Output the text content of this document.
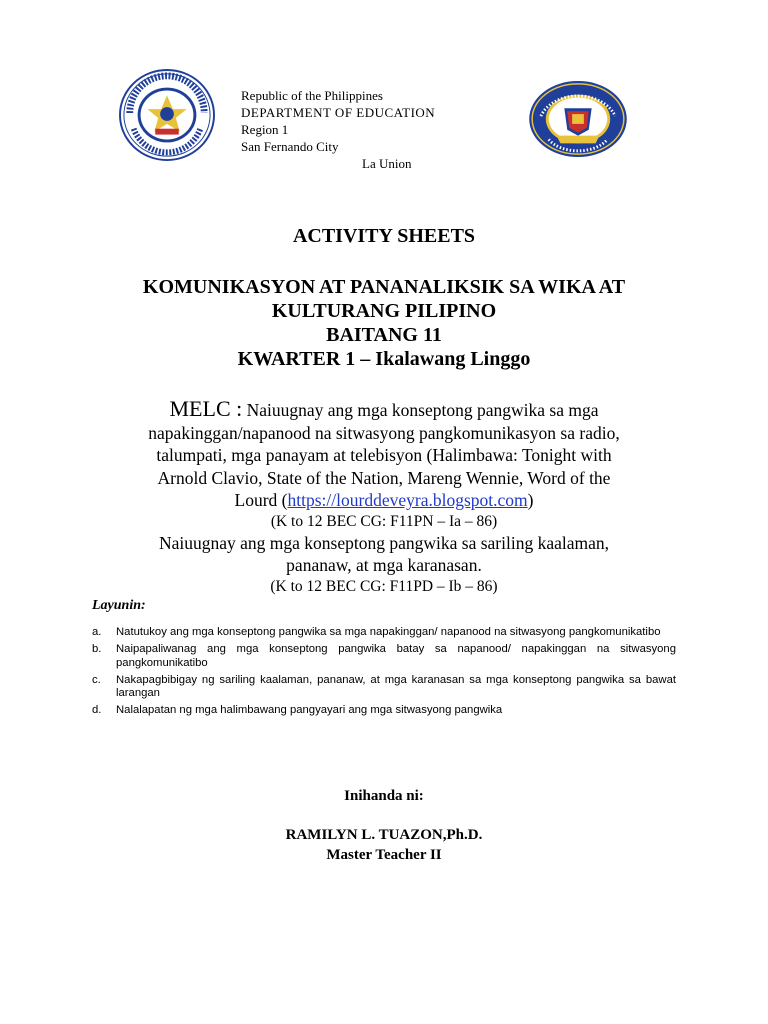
Republic of the Philippines
DEPARTMENT OF EDUCATION
Region 1
San Fernando City
La Union
ACTIVITY SHEETS
KOMUNIKASYON AT PANANALIKSIK SA WIKA AT
KULTURANG PILIPINO
BAITANG 11
KWARTER 1 – Ikalawang Linggo
MELC : Naiuugnay ang mga konseptong pangwika sa mga
napakinggan/napanood na sitwasyong pangkomunikasyon sa radio,
talumpati, mga panayam at telebisyon (Halimbawa: Tonight with
Arnold Clavio, State of the Nation, Mareng Wennie, Word of the
Lourd (https://lourddeveyra.blogspot.com)
(K to 12 BEC CG: F11PN – Ia – 86)
Naiuugnay ang mga konseptong pangwika sa sariling kaalaman,
pananaw, at mga karanasan.
(K to 12 BEC CG: F11PD – Ib – 86)
Layunin:
a. Natutukoy ang mga konseptong pangwika sa mga napakinggan/ napanood na sitwasyong pangkomunikatibo
b. Naipapaliwanag ang mga konseptong pangwika batay sa napanood/ napakinggan na sitwasyong pangkomunikatibo
c. Nakapagbibigay ng sariling kaalaman, pananaw, at mga karanasan sa mga konseptong pangwika sa bawat larangan
d. Nalalapatan ng mga halimbawang pangyayari ang mga sitwasyong pangwika
Inihanda ni:
RAMILYN L. TUAZON,Ph.D.
Master Teacher II
